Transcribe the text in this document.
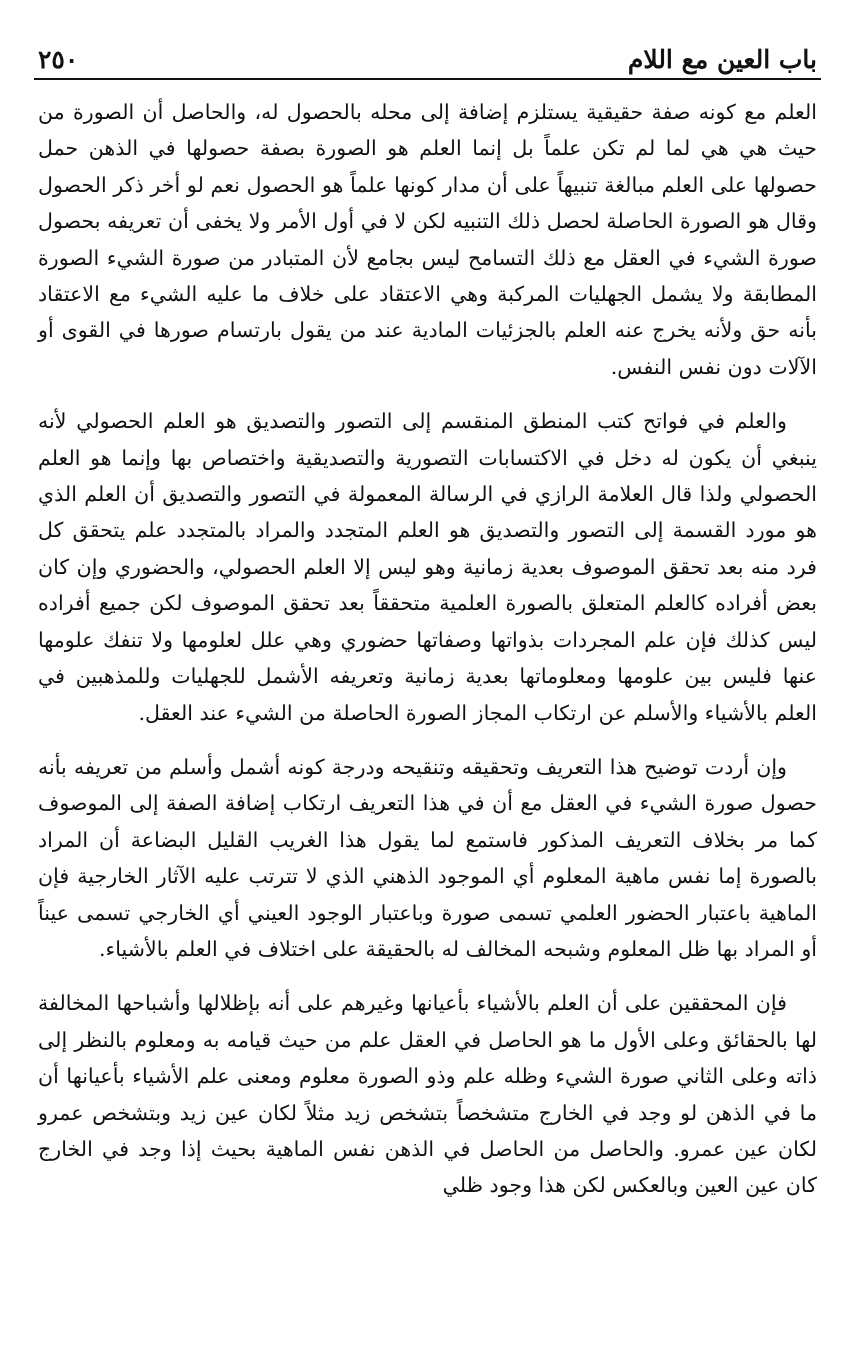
باب العين مع اللام
٢٥٠

العلم مع كونه صفة حقيقية يستلزم إضافة إلى محله بالحصول له، والحاصل أن الصورة من حيث هي هي لما لم تكن علماً بل إنما العلم هو الصورة بصفة حصولها في الذهن حمل حصولها على العلم مبالغة تنبيهاً على أن مدار كونها علماً هو الحصول نعم لو أخر ذكر الحصول وقال هو الصورة الحاصلة لحصل ذلك التنبيه لكن لا في أول الأمر ولا يخفى أن تعريفه بحصول صورة الشيء في العقل مع ذلك التسامح ليس بجامع لأن المتبادر من صورة الشيء الصورة المطابقة ولا يشمل الجهليات المركبة وهي الاعتقاد على خلاف ما عليه الشيء مع الاعتقاد بأنه حق ولأنه يخرج عنه العلم بالجزئيات المادية عند من يقول بارتسام صورها في القوى أو الآلات دون نفس النفس.

والعلم في فواتح كتب المنطق المنقسم إلى التصور والتصديق هو العلم الحصولي لأنه ينبغي أن يكون له دخل في الاكتسابات التصورية والتصديقية واختصاص بها وإنما هو العلم الحصولي ولذا قال العلامة الرازي في الرسالة المعمولة في التصور والتصديق أن العلم الذي هو مورد القسمة إلى التصور والتصديق هو العلم المتجدد والمراد بالمتجدد علم يتحقق كل فرد منه بعد تحقق الموصوف بعدية زمانية وهو ليس إلا العلم الحصولي، والحضوري وإن كان بعض أفراده كالعلم المتعلق بالصورة العلمية متحققاً بعد تحقق الموصوف لكن جميع أفراده ليس كذلك فإن علم المجردات بذواتها وصفاتها حضوري وهي علل لعلومها ولا تنفك علومها عنها فليس بين علومها ومعلوماتها بعدية زمانية وتعريفه الأشمل للجهليات وللمذهبين في العلم بالأشياء والأسلم عن ارتكاب المجاز الصورة الحاصلة من الشيء عند العقل.

وإن أردت توضيح هذا التعريف وتحقيقه وتنقيحه ودرجة كونه أشمل وأسلم من تعريفه بأنه حصول صورة الشيء في العقل مع أن في هذا التعريف ارتكاب إضافة الصفة إلى الموصوف كما مر بخلاف التعريف المذكور فاستمع لما يقول هذا الغريب القليل البضاعة أن المراد بالصورة إما نفس ماهية المعلوم أي الموجود الذهني الذي لا تترتب عليه الآثار الخارجية فإن الماهية باعتبار الحضور العلمي تسمى صورة وباعتبار الوجود العيني أي الخارجي تسمى عيناً أو المراد بها ظل المعلوم وشبحه المخالف له بالحقيقة على اختلاف في العلم بالأشياء.

فإن المحققين على أن العلم بالأشياء بأعيانها وغيرهم على أنه بإظلالها وأشباحها المخالفة لها بالحقائق وعلى الأول ما هو الحاصل في العقل علم من حيث قيامه به ومعلوم بالنظر إلى ذاته وعلى الثاني صورة الشيء وظله علم وذو الصورة معلوم ومعنى علم الأشياء بأعيانها أن ما في الذهن لو وجد في الخارج متشخصاً بتشخص زيد مثلاً لكان عين زيد وبتشخص عمرو لكان عين عمرو. والحاصل من الحاصل في الذهن نفس الماهية بحيث إذا وجد في الخارج كان عين العين وبالعكس لكن هذا وجود ظلي
